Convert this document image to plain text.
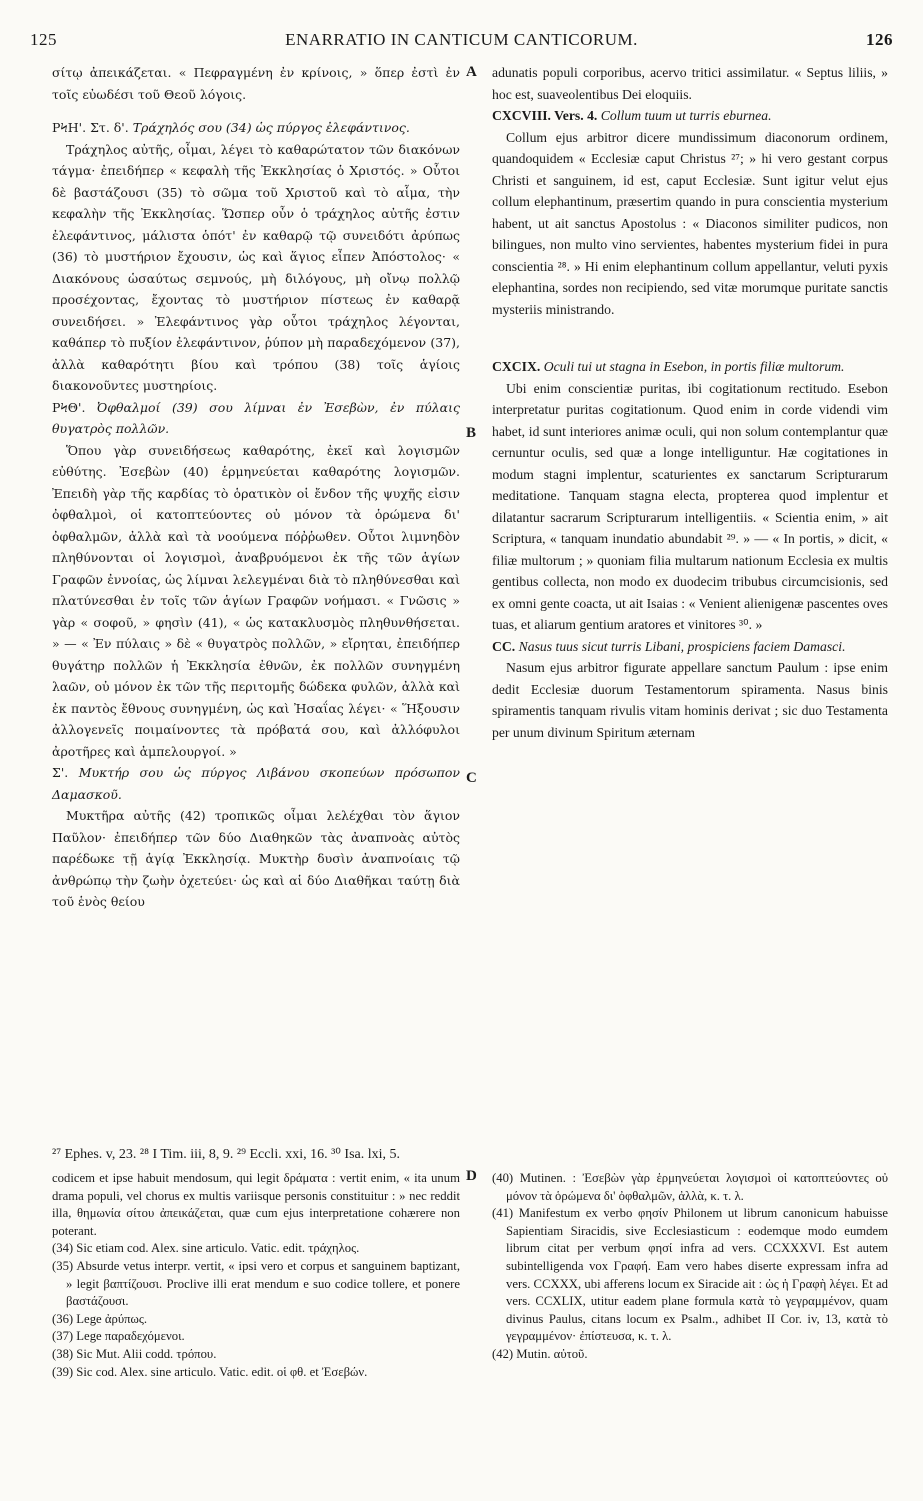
125	ENARRATIO IN CANTICUM CANTICORUM.	126
A
B
C
D

σίτῳ ἀπεικάζεται. « Πεφραγμένη ἐν κρίνοις, » ὅπερ ἐστὶ ἐν τοῖς εὐωδέσι τοῦ Θεοῦ λόγοις.

ΡϞΗ'. Στ. δ'. Τράχηλός σου (34) ὡς πύργος ἐλεφάντινος.

Τράχηλος αὐτῆς, οἶμαι, λέγει τὸ καθαρώτατον τῶν διακόνων τάγμα· ἐπειδήπερ « κεφαλὴ τῆς Ἐκκλησίας ὁ Χριστός. » Οὗτοι δὲ βαστάζουσι (35) τὸ σῶμα τοῦ Χριστοῦ καὶ τὸ αἷμα, τὴν κεφαλὴν τῆς Ἐκκλησίας. Ὥσπερ οὖν ὁ τράχηλος αὐτῆς ἐστιν ἐλεφάντινος, μάλιστα ὁπότ' ἐν καθαρῷ τῷ συνειδότι ἀρύπως (36) τὸ μυστήριον ἔχουσιν, ὡς καὶ ἅγιος εἶπεν Ἀπόστολος· « Διακόνους ὡσαύτως σεμνούς, μὴ διλόγους, μὴ οἴνῳ πολλῷ προσέχοντας, ἔχοντας τὸ μυστήριον πίστεως ἐν καθαρᾷ συνειδήσει. » Ἐλεφάντινος γὰρ οὗτοι τράχηλος λέγονται, καθάπερ τὸ πυξίον ἐλεφάντινον, ῥύπον μὴ παραδεχόμενον (37), ἀλλὰ καθαρότητι βίου καὶ τρόπου (38) τοῖς ἁγίοις διακονοῦντες μυστηρίοις.

ΡϞΘ'. Ὀφθαλμοί (39) σου λίμναι ἐν Ἐσεβὼν, ἐν πύλαις θυγατρὸς πολλῶν.

Ὅπου γὰρ συνειδήσεως καθαρότης, ἐκεῖ καὶ λογισμῶν εὐθύτης. Ἐσεβὼν (40) ἑρμηνεύεται καθαρότης λογισμῶν. Ἐπειδὴ γὰρ τῆς καρδίας τὸ ὁρατικὸν οἱ ἔνδον τῆς ψυχῆς εἰσιν ὀφθαλμοὶ, οἱ κατοπτεύοντες οὐ μόνον τὰ ὁρώμενα δι' ὀφθαλμῶν, ἀλλὰ καὶ τὰ νοούμενα πόῤῥωθεν. Οὗτοι λιμνηδὸν πληθύνονται οἱ λογισμοὶ, ἀναβρυόμενοι ἐκ τῆς τῶν ἁγίων Γραφῶν ἐννοίας, ὡς λίμναι λελεγμέναι διὰ τὸ πληθύνεσθαι καὶ πλατύνεσθαι ἐν τοῖς τῶν ἁγίων Γραφῶν νοήμασι. « Γνῶσις » γὰρ « σοφοῦ, » φησὶν (41), « ὡς κατακλυσμὸς πληθυνθήσεται. » — « Ἐν πύλαις » δὲ « θυγατρὸς πολλῶν, » εἴρηται, ἐπειδήπερ θυγάτηρ πολλῶν ἡ Ἐκκλησία ἐθνῶν, ἐκ πολλῶν συνηγμένη λαῶν, οὐ μόνον ἐκ τῶν τῆς περιτομῆς δώδεκα φυλῶν, ἀλλὰ καὶ ἐκ παντὸς ἔθνους συνηγμένη, ὡς καὶ Ἠσαΐας λέγει· « Ἥξουσιν ἀλλογενεῖς ποιμαίνοντες τὰ πρόβατά σου, καὶ ἀλλόφυλοι ἀροτῆρες καὶ ἀμπελουργοί. »

Σ'. Μυκτήρ σου ὡς πύργος Λιβάνου σκοπεύων πρόσωπον Δαμασκοῦ.

Μυκτῆρα αὐτῆς (42) τροπικῶς οἶμαι λελέχθαι τὸν ἅγιον Παῦλον· ἐπειδήπερ τῶν δύο Διαθηκῶν τὰς ἀναπνοὰς αὐτὸς παρέδωκε τῇ ἁγίᾳ Ἐκκλησίᾳ. Μυκτὴρ δυσὶν ἀναπνοίαις τῷ ἀνθρώπῳ τὴν ζωὴν ὀχετεύει· ὡς καὶ αἱ δύο Διαθῆκαι ταύτῃ διὰ τοῦ ἑνὸς θείου

adunatis populi corporibus, acervo tritici assimilatur. « Septus liliis, » hoc est, suaveolentibus Dei eloquiis.

CXCVIII. Vers. 4. Collum tuum ut turris eburnea.

Collum ejus arbitror dicere mundissimum diaconorum ordinem, quandoquidem « Ecclesiæ caput Christus ²⁷; » hi vero gestant corpus Christi et sanguinem, id est, caput Ecclesiæ. Sunt igitur velut ejus collum elephantinum, præsertim quando in pura conscientia mysterium habent, ut ait sanctus Apostolus : « Diaconos similiter pudicos, non bilingues, non multo vino servientes, habentes mysterium fidei in pura conscientia ²⁸. » Hi enim elephantinum collum appellantur, veluti pyxis elephantina, sordes non recipiendo, sed vitæ morumque puritate sanctis mysteriis ministrando.

CXCIX. Oculi tui ut stagna in Esebon, in portis filiæ multorum.

Ubi enim conscientiæ puritas, ibi cogitationum rectitudo. Esebon interpretatur puritas cogitationum. Quod enim in corde videndi vim habet, id sunt interiores animæ oculi, qui non solum contemplantur quæ cernuntur oculis, sed quæ a longe intelliguntur. Hæ cogitationes in modum stagni implentur, scaturientes ex sanctarum Scripturarum meditatione. Tanquam stagna electa, propterea quod implentur et dilatantur sacrarum Scripturarum intelligentiis. « Scientia enim, » ait Scriptura, « tanquam inundatio abundabit ²⁹. » — « In portis, » dicit, « filiæ multorum ; » quoniam filia multarum nationum Ecclesia ex multis gentibus collecta, non modo ex duodecim tribubus circumcisionis, sed ex omni gente coacta, ut ait Isaias : « Venient alienigenæ pascentes oves tuas, et aliarum gentium aratores et vinitores ³⁰. »

CC. Nasus tuus sicut turris Libani, prospiciens faciem Damasci.

Nasum ejus arbitror figurate appellare sanctum Paulum : ipse enim dedit Ecclesiæ duorum Testamentorum spiramenta. Nasus binis spiramentis tanquam rivulis vitam hominis derivat ; sic duo Testamenta per unum divinum Spiritum æternam

²⁷ Ephes. v, 23. ²⁸ I Tim. iii, 8, 9. ²⁹ Eccli. xxi, 16. ³⁰ Isa. lxi, 5.

codicem et ipse habuit mendosum, qui legit δράματα : vertit enim, « ita unum drama populi, vel chorus ex multis variisque personis constituitur : » nec reddit illa, θημωνία σίτου ἀπεικάζεται, quæ cum ejus interpretatione cohærere non poterant.

(34) Sic etiam cod. Alex. sine articulo. Vatic. edit. τράχηλος.

(35) Absurde vetus interpr. vertit, « ipsi vero et corpus et sanguinem baptizant, » legit βαπτίζουσι. Proclive illi erat mendum e suo codice tollere, et ponere βαστάζουσι.

(36) Lege ἀρύπως.

(37) Lege παραδεχόμενοι.

(38) Sic Mut. Alii codd. τρόπου.

(39) Sic cod. Alex. sine articulo. Vatic. edit. οἱ φθ. et Ἐσεβών.

(40) Mutinen. : Ἐσεβὼν γὰρ ἑρμηνεύεται λογισμοὶ οἱ κατοπτεύοντες οὐ μόνον τὰ ὁρώμενα δι' ὀφθαλμῶν, ἀλλὰ, κ. τ. λ.

(41) Manifestum ex verbo φησίν Philonem ut librum canonicum habuisse Sapientiam Siracidis, sive Ecclesiasticum : eodemque modo eumdem librum citat per verbum φησί infra ad vers. CCXXXVI. Est autem subintelligenda vox Γραφή. Eam vero habes diserte expressam infra ad vers. CCXXX, ubi afferens locum ex Siracide ait : ὡς ἡ Γραφὴ λέγει. Et ad vers. CCXLIX, utitur eadem plane formula κατὰ τὸ γεγραμμένον, quam divinus Paulus, citans locum ex Psalm., adhibet II Cor. iv, 13, κατὰ τὸ γεγραμμένον· ἐπίστευσα, κ. τ. λ.

(42) Mutin. αὐτοῦ.
